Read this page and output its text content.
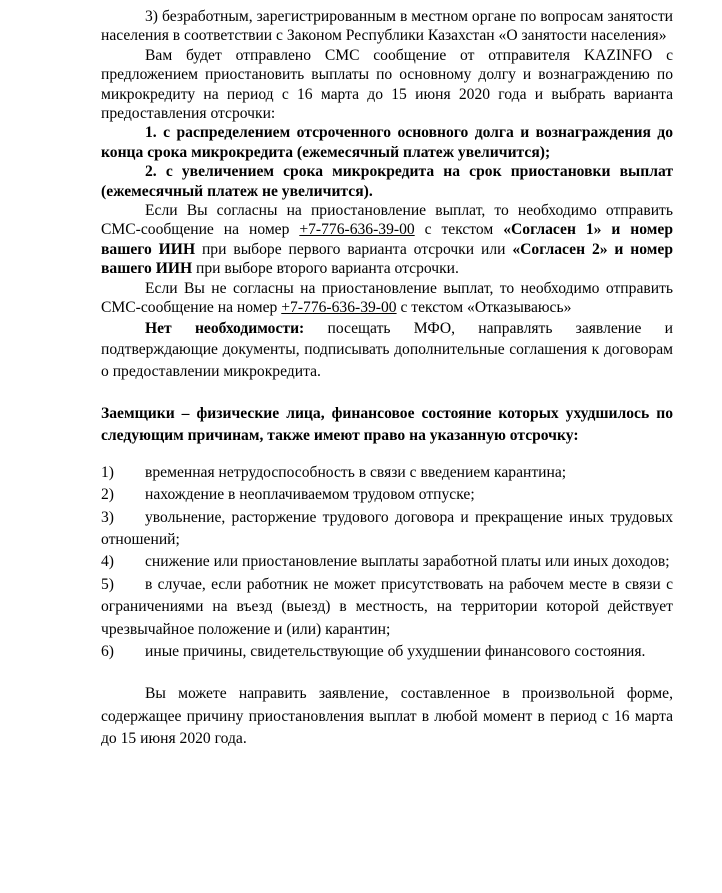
3) безработным, зарегистрированным в местном органе по вопросам занятости населения в соответствии с Законом Республики Казахстан «О занятости населения»

Вам будет отправлено СМС сообщение от отправителя KAZINFO с предложением приостановить выплаты по основному долгу и вознаграждению по микрокредиту на период с 16 марта до 15 июня 2020 года и выбрать варианта предоставления отсрочки:

1. с распределением отсроченного основного долга и вознаграждения до конца срока микрокредита (ежемесячный платеж увеличится);

2. с увеличением срока микрокредита на срок приостановки выплат (ежемесячный платеж не увеличится).

Если Вы согласны на приостановление выплат, то необходимо отправить СМС-сообщение на номер +7-776-636-39-00 с текстом «Согласен 1» и номер вашего ИИН при выборе первого варианта отсрочки или «Согласен 2» и номер вашего ИИН при выборе второго варианта отсрочки.

Если Вы не согласны на приостановление выплат, то необходимо отправить СМС-сообщение на номер +7-776-636-39-00 с текстом «Отказываюсь»

Нет необходимости: посещать МФО, направлять заявление и подтверждающие документы, подписывать дополнительные соглашения к договорам о предоставлении микрокредита.

Заемщики – физические лица, финансовое состояние которых ухудшилось по следующим причинам, также имеют право на указанную отсрочку:

1) временная нетрудоспособность в связи с введением карантина;

2) нахождение в неоплачиваемом трудовом отпуске;

3) увольнение, расторжение трудового договора и прекращение иных трудовых отношений;

4) снижение или приостановление выплаты заработной платы или иных доходов;

5) в случае, если работник не может присутствовать на рабочем месте в связи с ограничениями на въезд (выезд) в местность, на территории которой действует чрезвычайное положение и (или) карантин;

6) иные причины, свидетельствующие об ухудшении финансового состояния.

Вы можете направить заявление, составленное в произвольной форме, содержащее причину приостановления выплат в любой момент в период с 16 марта до 15 июня 2020 года.
